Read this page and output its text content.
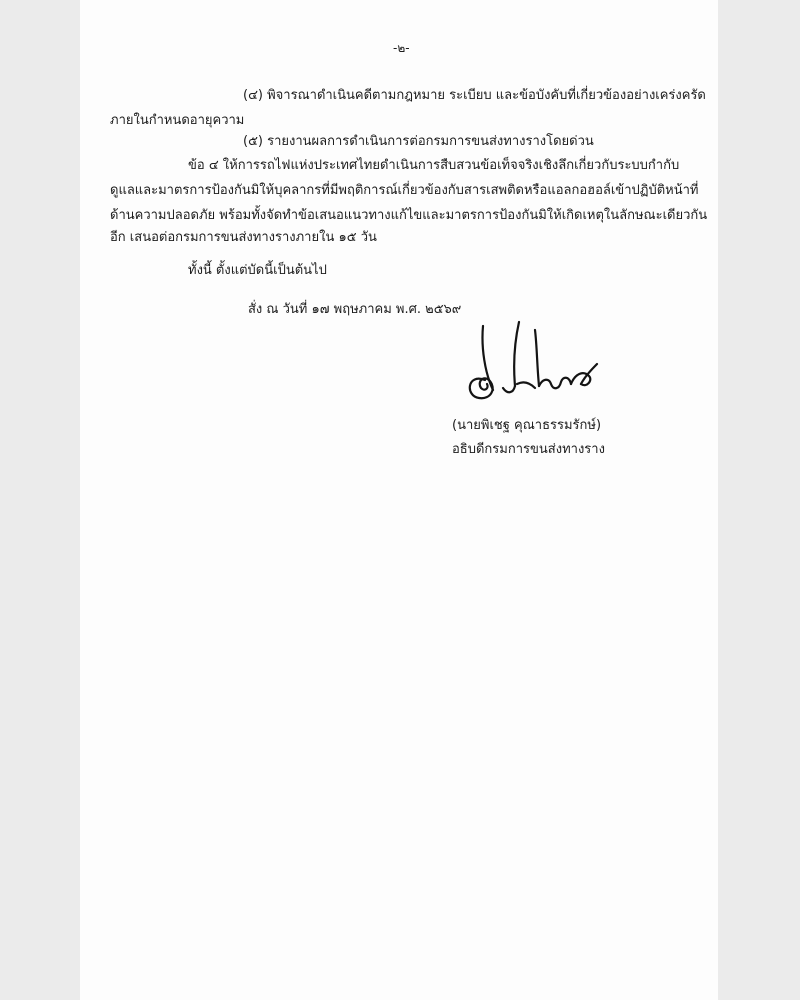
-๒-
(๔) พิจารณาดำเนินคดีตามกฎหมาย ระเบียบ และข้อบังคับที่เกี่ยวข้องอย่างเคร่งครัด
ภายในกำหนดอายุความ
(๕) รายงานผลการดำเนินการต่อกรมการขนส่งทางรางโดยด่วน
ข้อ ๔ ให้การรถไฟแห่งประเทศไทยดำเนินการสืบสวนข้อเท็จจริงเชิงลึกเกี่ยวกับระบบกำกับ
ดูแลและมาตรการป้องกันมิให้บุคลากรที่มีพฤติการณ์เกี่ยวข้องกับสารเสพติดหรือแอลกอฮอล์เข้าปฏิบัติหน้าที่
ด้านความปลอดภัย พร้อมทั้งจัดทำข้อเสนอแนวทางแก้ไขและมาตรการป้องกันมิให้เกิดเหตุในลักษณะเดียวกัน
อีก เสนอต่อกรมการขนส่งทางรางภายใน ๑๕ วัน
ทั้งนี้ ตั้งแต่บัดนี้เป็นต้นไป
สั่ง ณ วันที่ ๑๗ พฤษภาคม พ.ศ. ๒๕๖๙
(นายพิเชฐ คุณาธรรมรักษ์)
อธิบดีกรมการขนส่งทางราง
